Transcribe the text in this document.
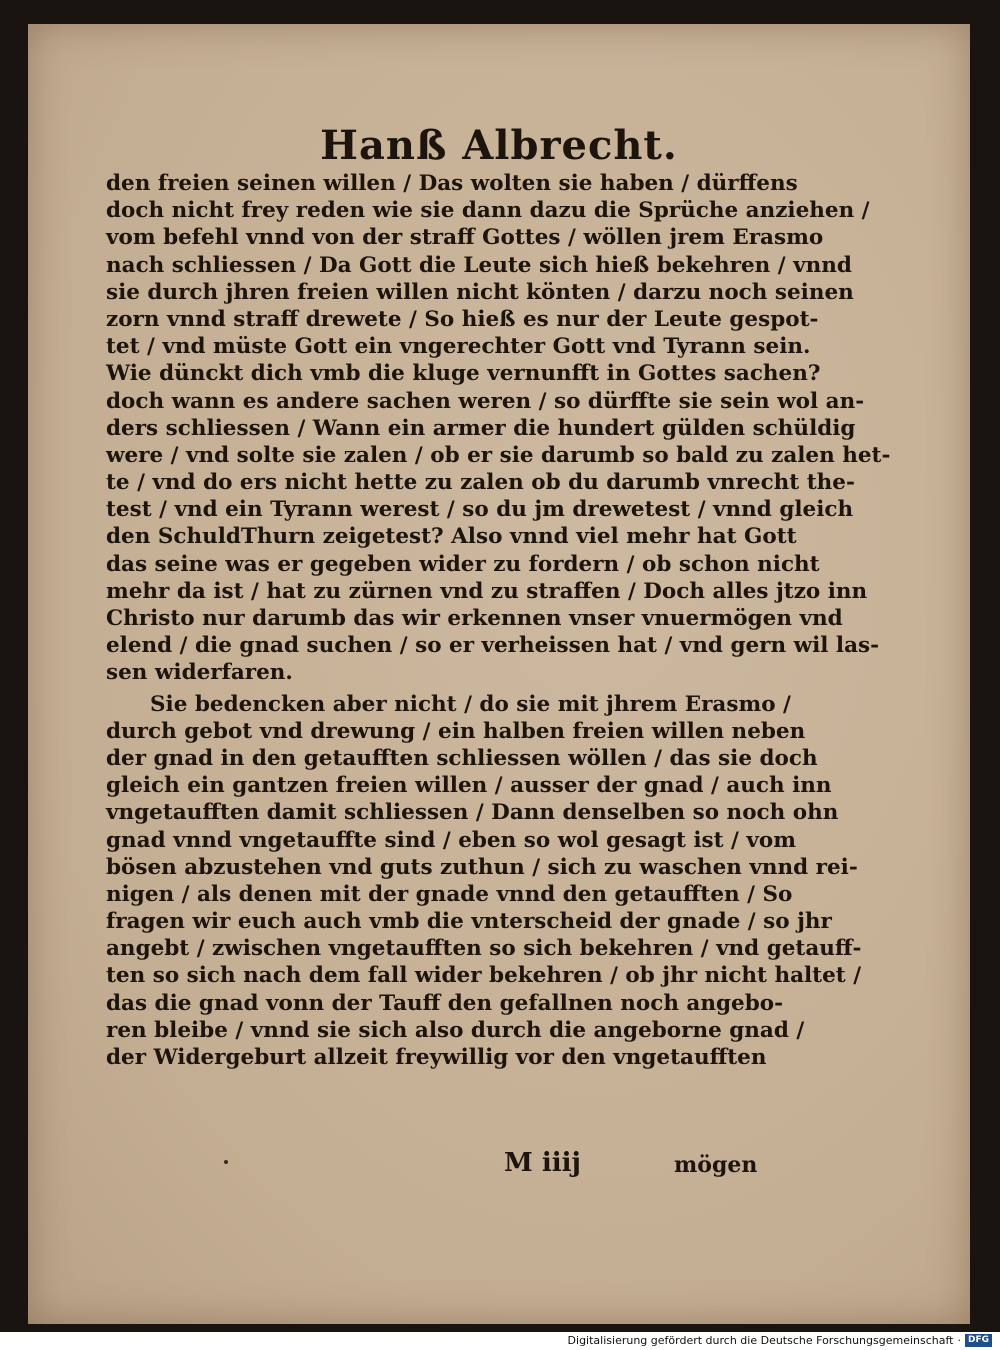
Hanß Albrecht.
den freien seinen willen / Das wolten sie haben / dürffens
doch nicht frey reden wie sie dann dazu die Sprüche anziehen /
vom befehl vnnd von der straff Gottes / wöllen jrem Erasmo
nach schliessen / Da Gott die Leute sich hieß bekehren / vnnd
sie durch jhren freien willen nicht könten / darzu noch seinen
zorn vnnd straff drewete / So hieß es nur der Leute gespot-
tet / vnd müste Gott ein vngerechter Gott vnd Tyrann sein.
Wie dünckt dich vmb die kluge vernunfft in Gottes sachen?
doch wann es andere sachen weren / so dürffte sie sein wol an-
ders schliessen / Wann ein armer die hundert gülden schüldig
were / vnd solte sie zalen / ob er sie darumb so bald zu zalen het-
te / vnd do ers nicht hette zu zalen ob du darumb vnrecht the-
test / vnd ein Tyrann werest / so du jm drewetest / vnnd gleich
den SchuldThurn zeigetest? Also vnnd viel mehr hat Gott
das seine was er gegeben wider zu fordern / ob schon nicht
mehr da ist / hat zu zürnen vnd zu straffen / Doch alles jtzo inn
Christo nur darumb das wir erkennen vnser vnuermögen vnd
elend / die gnad suchen / so er verheissen hat / vnd gern wil las-
sen widerfaren.
Sie bedencken aber nicht / do sie mit jhrem Erasmo /
durch gebot vnd drewung / ein halben freien willen neben
der gnad in den getaufften schliessen wöllen / das sie doch
gleich ein gantzen freien willen / ausser der gnad / auch inn
vngetaufften damit schliessen / Dann denselben so noch ohn
gnad vnnd vngetauffte sind / eben so wol gesagt ist / vom
bösen abzustehen vnd guts zuthun / sich zu waschen vnnd rei-
nigen / als denen mit der gnade vnnd den getaufften / So
fragen wir euch auch vmb die vnterscheid der gnade / so jhr
angebt / zwischen vngetaufften so sich bekehren / vnd getauff-
ten so sich nach dem fall wider bekehren / ob jhr nicht haltet /
das die gnad vonn der Tauff den gefallnen noch angebo-
ren bleibe / vnnd sie sich also durch die angeborne gnad /
der Widergeburt allzeit freywillig vor den vngetaufften
M iiij	mögen
Digitalisierung gefördert durch die Deutsche Forschungsgemeinschaft · DFG
